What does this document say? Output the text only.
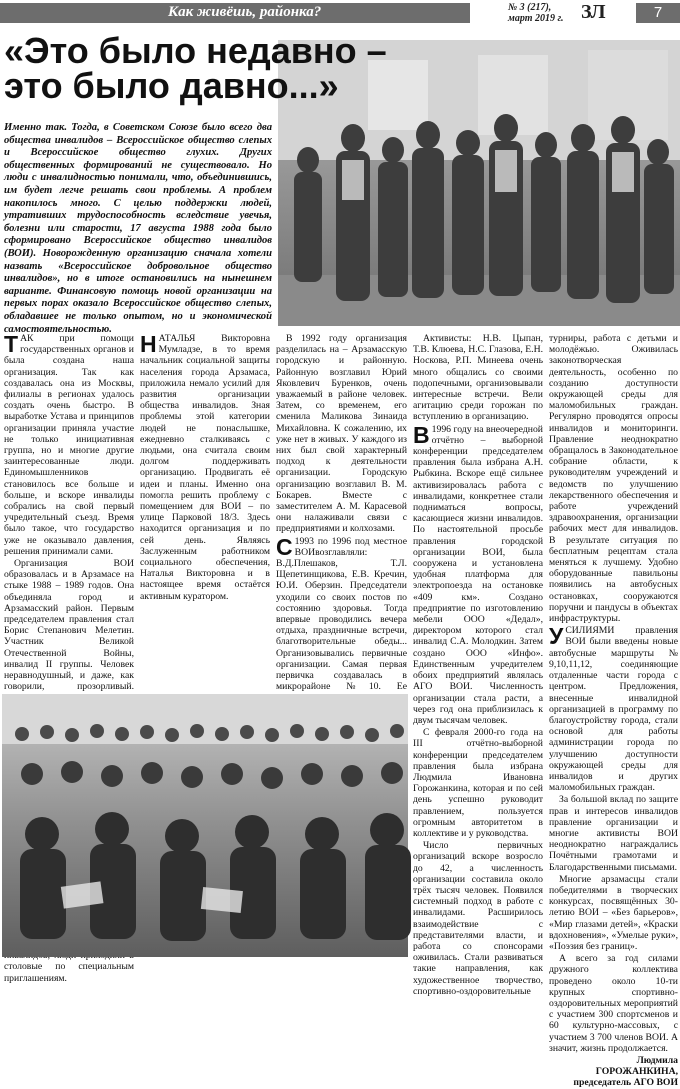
Как живёшь, районка?	№ 3 (217),
март 2019 г. ЗЛ	7
«Это было недавно – это было давно...»
Именно так. Тогда, в Советском Союзе было всего два общества инвалидов – Всероссийское общество слепых и Всероссийское общество глухих. Других общественных формирований не существовало. Но люди с инвалидностью понимали, что, объединившись, им будет легче решать свои проблемы. А проблем накопилось много. С целью поддержки людей, утративших трудоспособность вследствие увечья, болезни или старости, 17 августа 1988 года было сформировано Всероссийское общество инвалидов (ВОИ). Новорожденную организацию сначала хотели назвать «Всероссийское добровольное общество инвалидов», но в итоге остановились на нынешнем варианте. Финансовую помощь новой организации на первых порах оказало Всероссийское общество слепых, обладавшее не только опытом, но и экономической самостоятельностью.

ТАК при помощи государственных органов и была создана наша организация. Так как создавалась она из Москвы, филиалы в регионах удалось создать очень быстро. В выработке Устава и принципов организации приняла участие не только инициативная группа, но и многие другие заинтересованные люди. Единомышленников становилось все больше и больше, и вскоре инвалиды собрались на свой первый учредительный съезд. Время было такое, что государство уже не оказывало давления, решения принимали сами.

Организация ВОИ образовалась и в Арзамасе на стыке 1988 – 1989 годов. Она объединяла город и Арзамасский район. Первым председателем правления стал Борис Степанович Мелетин. Участник Великой Отечественной Войны, инвалид II группы. Человек неравнодушный, и даже, как говорили, прозорливый. столовые по специальным приглашениям.

НАТАЛЬЯ Викторовна Мумладзе, в то время начальник социальной защиты населения города Арзамаса, приложила немало усилий для развития организации общества инвалидов. Зная проблемы этой категории людей не понаслышке, ежедневно сталкиваясь с людьми, она считала своим долгом поддерживать организацию. Продвигать её идеи и планы. Именно она помогла решить проблему с помещением для ВОИ – по улице Парковой 18/3. Здесь находится организация и по сей день. Являясь Заслуженным работником социального обеспечения, Наталья Викторовна и в настоящее время остаётся активным куратором.

В 1992 году организация разделилась на – Арзамасскую городскую и районную. Районную возглавил Юрий Яковлевич Буренков, очень уважаемый в районе человек. Затем, со временем, его сменила Маликова Зинаида Михайловна. К сожалению, их уже нет в живых. У каждого из них был свой характерный подход к деятельности организации. Городскую организацию возглавил В. М. Бокарев. Вместе с заместителем А. М. Карасевой они налаживали связи с предприятиями и колхозами.

С 1993 по 1996 под местное ВОИвозглавляли: В.Д.Плешаков, Т.Л. Щепетинщикова, Е.В. Кречин, Ю.И. Оберзин. Председатели уходили со своих постов по состоянию здоровья. Тогда впервые проводились вечера отдыха, праздничные встречи, благотворительные обеды... Организовывались первичные организации. Самая первая первичка создавалась в микрорайоне №10. Ее

Активисты: Н.В. Цыпан, Т.В. Клюева, Н.С. Глазова, Е.Н. Носкова, Р.П. Минеева очень много общались со своими подопечными, организовывали интересные встречи. Вели агитацию среди горожан по вступлению в организацию.

В 1996 году на внеочередной отчётно – выборной конференции председателем правления была избрана А.Н. Рыбкина. Вскоре ещё сильнее активизировалась работа с инвалидами, конкретнее стали подниматься вопросы, касающиеся жизни инвалидов. По настоятельной просьбе правления городской организации ВОИ, была сооружена и установлена удобная платформа для электропоезда на остановке «409 км». Создано предприятие по изготовлению мебели ООО «Дедал», директором которого стал инвалид С.А. Молодкин. Затем создано ООО «Инфо». Единственным учредителем обоих предприятий являлась АГО ВОИ. Численность организации стала расти, а через год она приблизилась к двум тысячам человек.

С февраля 2000-го года на III отчётно-выборной конференции председателем правления была избрана Людмила Ивановна Горожанкина, которая и по сей день успешно руководит правлением, пользуется огромным авторитетом в коллективе и у руководства.

Число первичных организаций вскоре возросло до 42, а численность организации составила около трёх тысяч человек. Появился системный подход в работе с инвалидами. Расширилось взаимодействие с представителями власти, и работа со спонсорами оживилась. Стали развиваться такие направления, как художественное творчество, спортивно-оздоровительные

турниры, работа с детьми и молодёжью. Оживилась законотворческая деятельность, особенно по созданию доступности окружающей среды для маломобильных граждан. Регулярно проводятся опросы инвалидов и мониторинги. Правление неоднократно обращалось в Законодательное собрание области, к руководителям учреждений и ведомств по улучшению лекарственного обеспечения и работе учреждений здравоохранения, организации рабочих мест для инвалидов. В результате ситуация по бесплатным рецептам стала меняться к лучшему. Удобно оборудованные павильоны появились на автобусных остановках, сооружаются поручни и пандусы в объектах инфраструктуры.

УСИЛИЯМИ правления ВОИ были введены новые автобусные маршруты № 9,10,11,12, соединяющие отдаленные части города с центром. Предложения, внесенные инвалидной организацией в программу по благоустройству города, стали основой для работы администрации города по улучшению доступности окружающей среды для инвалидов и других маломобильных граждан.

За большой вклад по защите прав и интересов инвалидов правление организации и многие активисты ВОИ неоднократно награждались Почётными грамотами и Благодарственными письмами.

Многие арзамасцы стали победителями в творческих конкурсах, посвящённых 30-летию ВОИ – «Без барьеров», «Мир глазами детей», «Краски вдохновения», «Умелые руки», «Поэзия без границ».

А всего за год силами дружного коллектива проведено около 10-ти крупных спортивно-оздоровительных мероприятий с участием 300 спортсменов и 60 культурно-массовых, с участием 3 700 членов ВОИ. А значит, жизнь продолжается.

Людмила
ГОРОЖАНКИНА,
председатель АГО ВОИ
